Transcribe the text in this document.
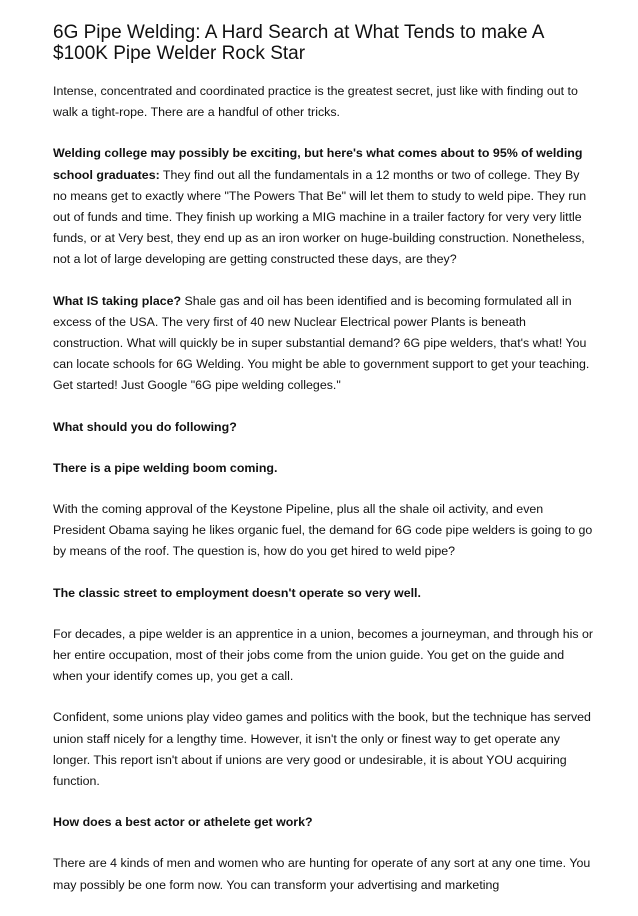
6G Pipe Welding: A Hard Search at What Tends to make A $100K Pipe Welder Rock Star

Intense, concentrated and coordinated practice is the greatest secret, just like with finding out to walk a tight-rope. There are a handful of other tricks.

Welding college may possibly be exciting, but here's what comes about to 95% of welding school graduates: They find out all the fundamentals in a 12 months or two of college. They By no means get to exactly where "The Powers That Be" will let them to study to weld pipe. They run out of funds and time. They finish up working a MIG machine in a trailer factory for very very little funds, or at Very best, they end up as an iron worker on huge-building construction. Nonetheless, not a lot of large developing are getting constructed these days, are they?

What IS taking place? Shale gas and oil has been identified and is becoming formulated all in excess of the USA. The very first of 40 new Nuclear Electrical power Plants is beneath construction. What will quickly be in super substantial demand? 6G pipe welders, that's what! You can locate schools for 6G Welding. You might be able to government support to get your teaching. Get started! Just Google "6G pipe welding colleges."

What should you do following?

There is a pipe welding boom coming.

With the coming approval of the Keystone Pipeline, plus all the shale oil activity, and even President Obama saying he likes organic fuel, the demand for 6G code pipe welders is going to go by means of the roof. The question is, how do you get hired to weld pipe?

The classic street to employment doesn't operate so very well.

For decades, a pipe welder is an apprentice in a union, becomes a journeyman, and through his or her entire occupation, most of their jobs come from the union guide. You get on the guide and when your identify comes up, you get a call.

Confident, some unions play video games and politics with the book, but the technique has served union staff nicely for a lengthy time. However, it isn't the only or finest way to get operate any longer. This report isn't about if unions are very good or undesirable, it is about YOU acquiring function.

How does a best actor or athelete get work?

There are 4 kinds of men and women who are hunting for operate of any sort at any one time. You may possibly be one form now. You can transform your advertising and marketing
